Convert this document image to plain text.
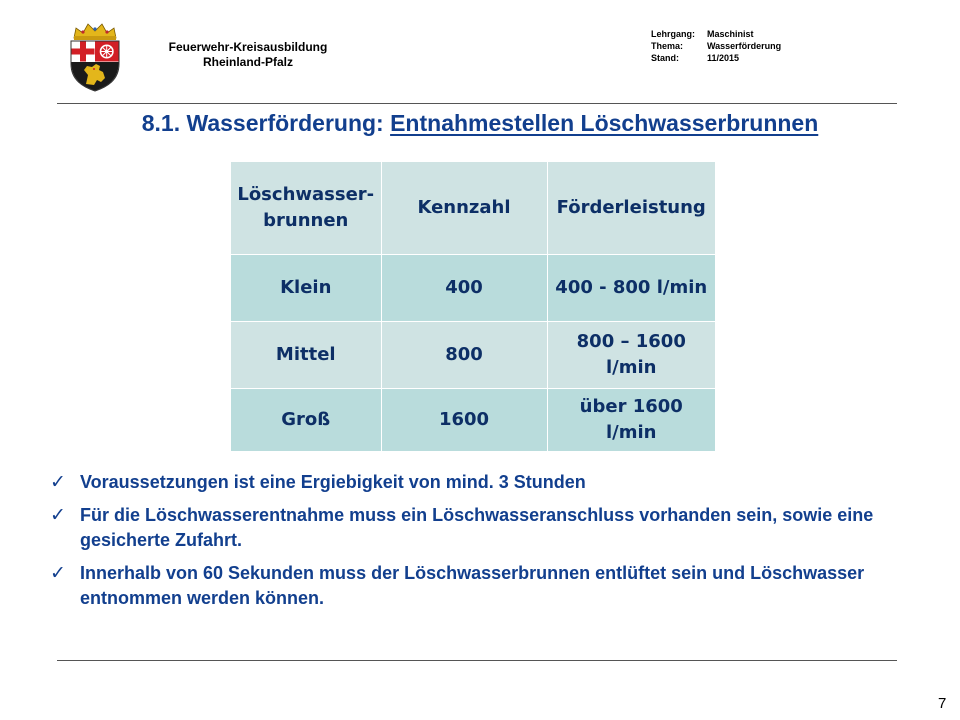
Feuerwehr-Kreisausbildung
Rheinland-Pfalz
Lehrgang:	Maschinist
Thema:	Wasserförderung
Stand:	11/2015
8.1. Wasserförderung: Entnahmestellen Löschwasserbrunnen
Löschwasser-brunnen	Kennzahl	Förderleistung
Klein	400	400 - 800 l/min
Mittel	800	800 – 1600 l/min
Groß	1600	über 1600 l/min
✓ Voraussetzungen ist eine Ergiebigkeit von mind. 3 Stunden
✓ Für die Löschwasserentnahme muss ein Löschwasseranschluss vorhanden sein, sowie eine gesicherte Zufahrt.
✓ Innerhalb von 60 Sekunden muss der Löschwasserbrunnen entlüftet sein und Löschwasser entnommen werden können.
7
